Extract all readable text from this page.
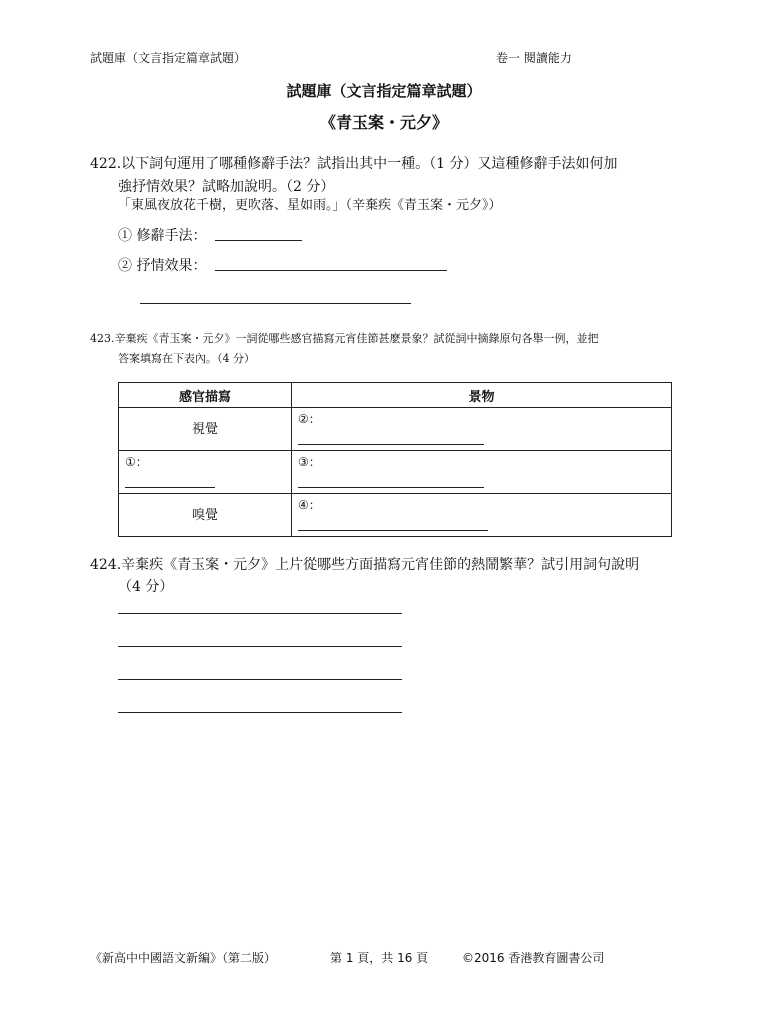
試題庫（文言指定篇章試題）	卷一 閱讀能力
試題庫（文言指定篇章試題）
《青玉案・元夕》
422.以下詞句運用了哪種修辭手法？試指出其中一種。（1 分）又這種修辭手法如何加
強抒情效果？試略加說明。（2 分）
「東風夜放花千樹，更吹落、星如雨。」（辛棄疾《青玉案・元夕》）
① 修辭手法：
② 抒情效果：
423.辛棄疾《青玉案・元夕》一詞從哪些感官描寫元宵佳節甚麼景象？試從詞中摘錄原句各舉一例，並把
答案填寫在下表內。（4 分）
感官描寫	景物

視覺	②：

①：	③：

嗅覺	④：
424.辛棄疾《青玉案・元夕》上片從哪些方面描寫元宵佳節的熱鬧繁華？試引用詞句說明
（4 分）
《新高中中國語文新編》（第二版）	第 1 頁，共 16 頁	©2016 香港教育圖書公司
